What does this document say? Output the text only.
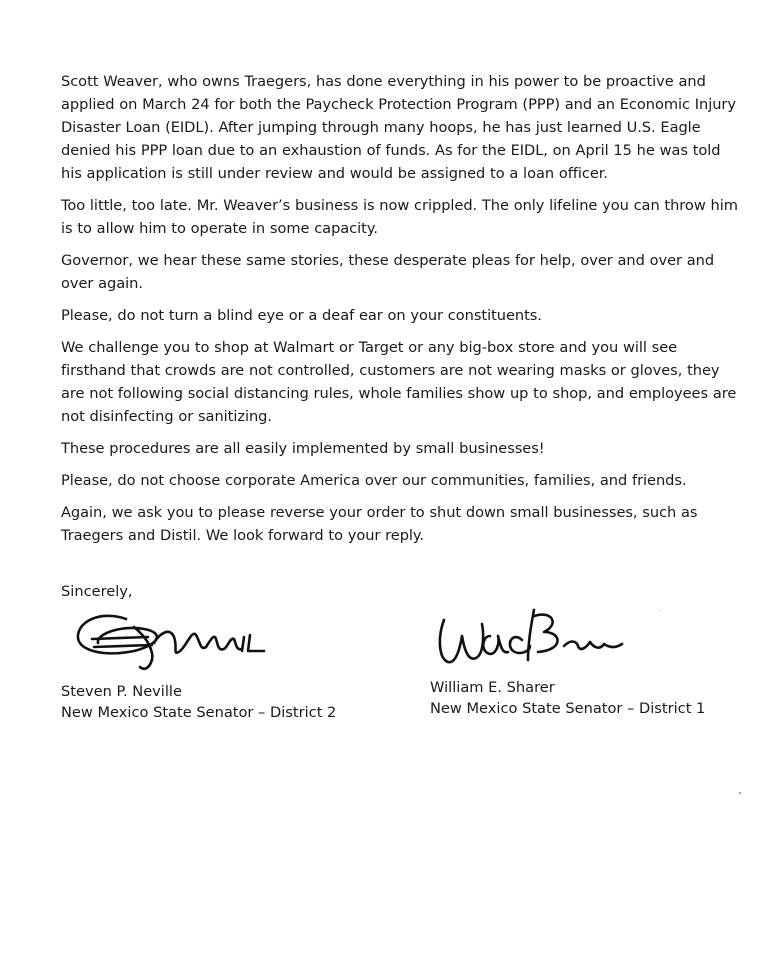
Scott Weaver, who owns Traegers, has done everything in his power to be proactive and applied on March 24 for both the Paycheck Protection Program (PPP) and an Economic Injury Disaster Loan (EIDL). After jumping through many hoops, he has just learned U.S. Eagle denied his PPP loan due to an exhaustion of funds. As for the EIDL, on April 15 he was told his application is still under review and would be assigned to a loan officer.

Too little, too late. Mr. Weaver’s business is now crippled. The only lifeline you can throw him is to allow him to operate in some capacity.

Governor, we hear these same stories, these desperate pleas for help, over and over and over again.

Please, do not turn a blind eye or a deaf ear on your constituents.

We challenge you to shop at Walmart or Target or any big-box store and you will see firsthand that crowds are not controlled, customers are not wearing masks or gloves, they are not following social distancing rules, whole families show up to shop, and employees are not disinfecting or sanitizing.

These procedures are all easily implemented by small businesses!

Please, do not choose corporate America over our communities, families, and friends.

Again, we ask you to please reverse your order to shut down small businesses, such as Traegers and Distil. We look forward to your reply.

Sincerely,
Steven P. Neville
New Mexico State Senator – District 2
William E. Sharer
New Mexico State Senator – District 1
